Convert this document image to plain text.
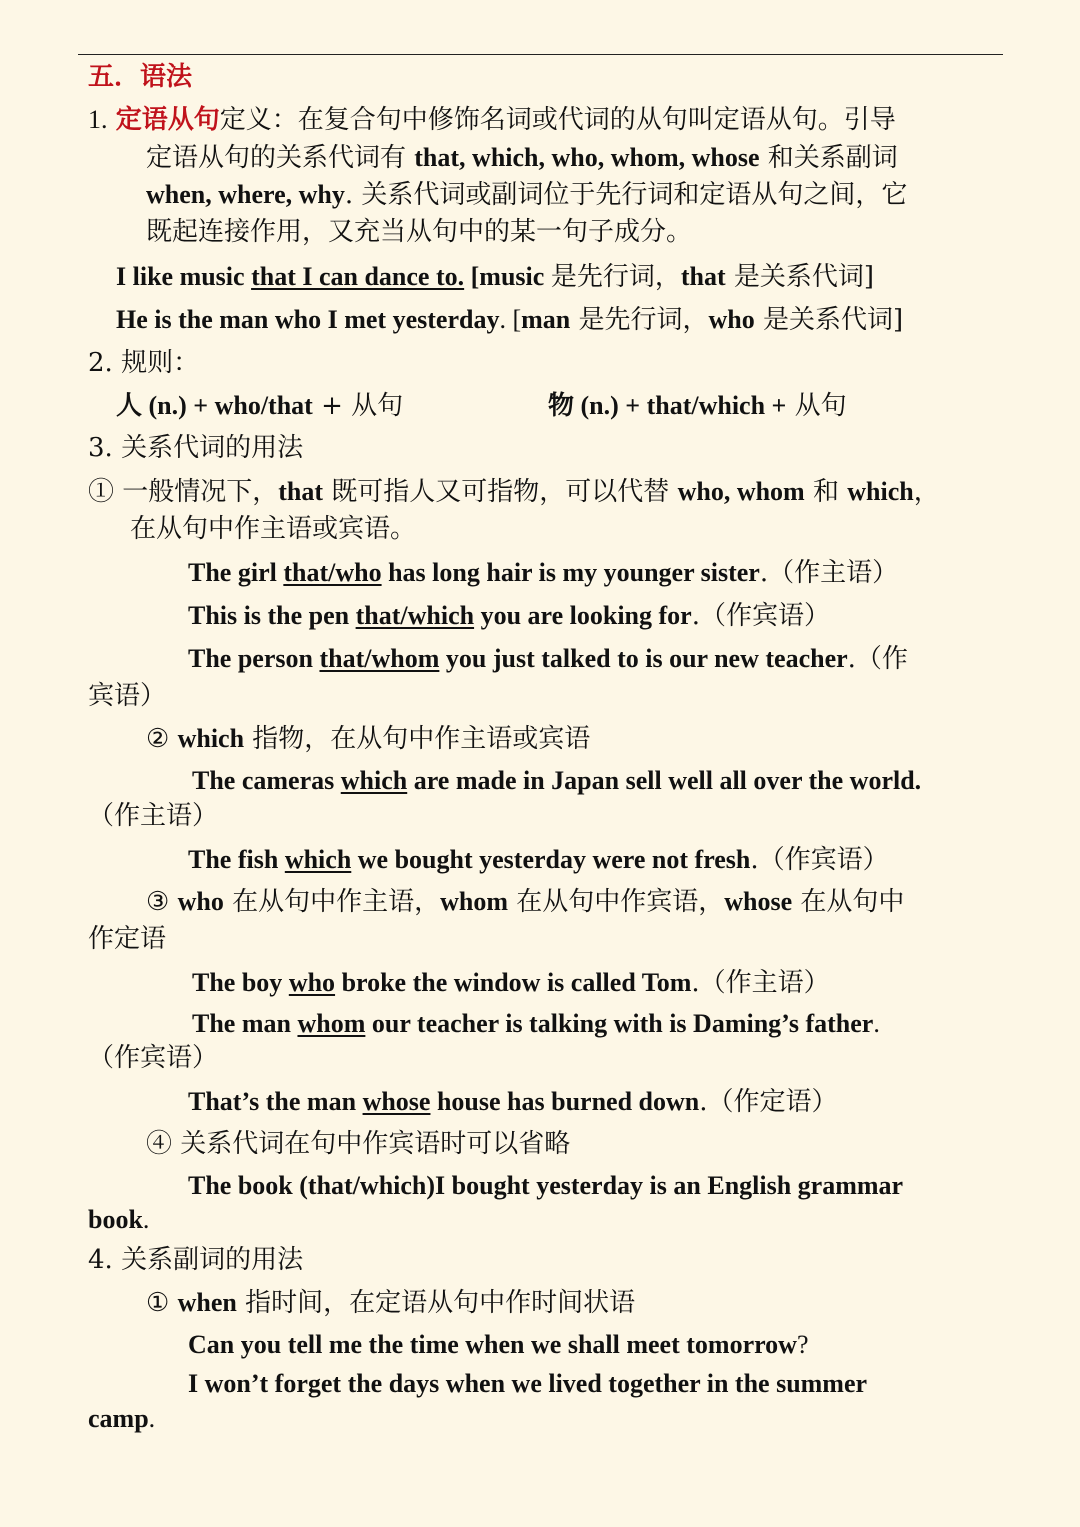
五．语法
1. 定语从句定义：在复合句中修饰名词或代词的从句叫定语从句。引导
定语从句的关系代词有 that, which, who, whom, whose 和关系副词
when, where, why. 关系代词或副词位于先行词和定语从句之间，它
既起连接作用，又充当从句中的某一句子成分。
I like music that I can dance to. [music 是先行词，that 是关系代词]
He is the man who I met yesterday. [man 是先行词，who 是关系代词]
2. 规则：
人 (n.) + who/that + 从句	物 (n.) + that/which + 从句
3. 关系代词的用法
① 一般情况下，that 既可指人又可指物，可以代替 who, whom 和 which，
在从句中作主语或宾语。
The girl that/who has long hair is my younger sister.（作主语）
This is the pen that/which you are looking for.（作宾语）
The person that/whom you just talked to is our new teacher.（作
宾语）
② which 指物，在从句中作主语或宾语
The cameras which are made in Japan sell well all over the world.
（作主语）
The fish which we bought yesterday were not fresh.（作宾语）
③ who 在从句中作主语，whom 在从句中作宾语，whose 在从句中
作定语
The boy who broke the window is called Tom.（作主语）
The man whom our teacher is talking with is Daming’s father.
（作宾语）
That’s the man whose house has burned down.（作定语）
④ 关系代词在句中作宾语时可以省略
The book (that/which)I bought yesterday is an English grammar
book.
4. 关系副词的用法
① when 指时间，在定语从句中作时间状语
Can you tell me the time when we shall meet tomorrow?
I won’t forget the days when we lived together in the summer
camp.
